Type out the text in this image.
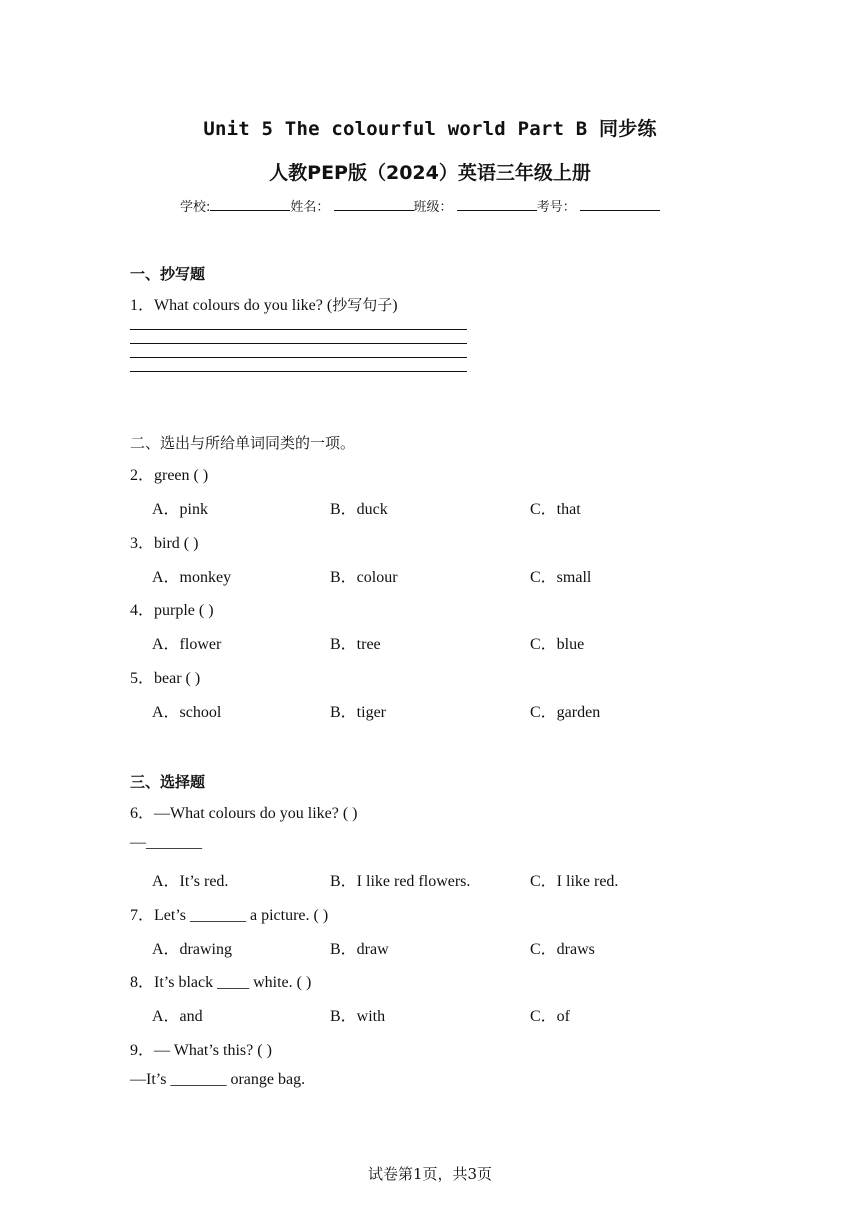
Unit 5 The colourful world Part B 同步练
人教PEP版（2024）英语三年级上册
学校:	姓名：	班级：	考号：
一、抄写题
1．What colours do you like? (抄写句子)
二、选出与所给单词同类的一项。
2．green ( )
A．pink	B．duck	C．that
3．bird ( )
A．monkey	B．colour	C．small
4．purple ( )
A．flower	B．tree	C．blue
5．bear ( )
A．school	B．tiger	C．garden
三、选择题
6．—What colours do you like? ( )
—_______
A．It’s red.	B．I like red flowers.	C．I like red.
7．Let’s _______ a picture. ( )
A．drawing	B．draw	C．draws
8．It’s black ____ white. ( )
A．and	B．with	C．of
9．— What’s this? ( )
—It’s _______ orange bag.
试卷第1页，共3页
